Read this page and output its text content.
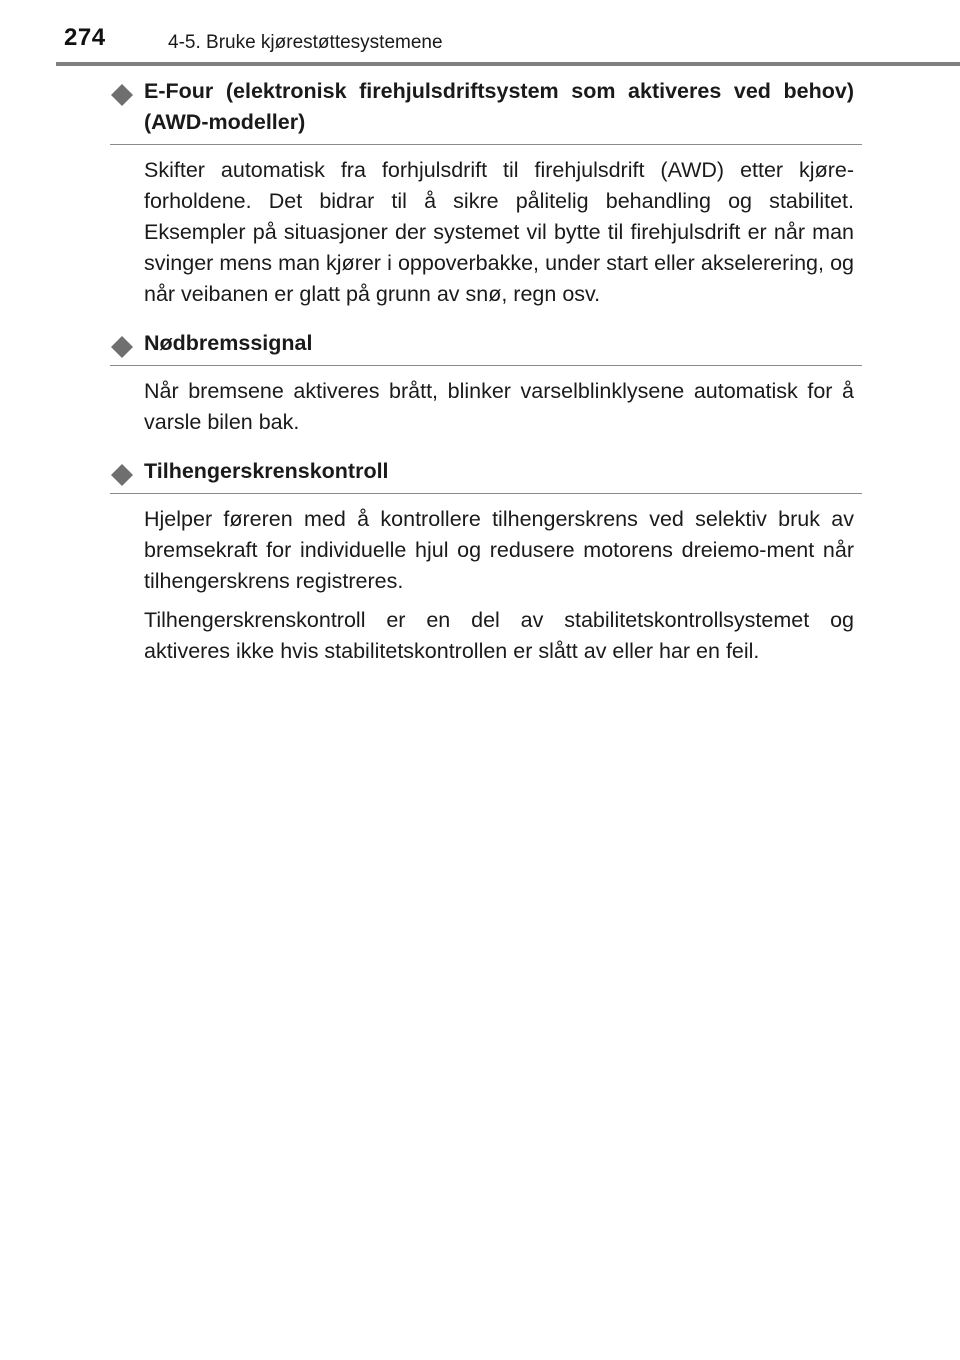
274	4-5. Bruke kjørestøttesystemene
E-Four (elektronisk firehjulsdriftsystem som aktiveres ved behov) (AWD-modeller)
Skifter automatisk fra forhjulsdrift til firehjulsdrift (AWD) etter kjøre-forholdene. Det bidrar til å sikre pålitelig behandling og stabilitet. Eksempler på situasjoner der systemet vil bytte til firehjulsdrift er når man svinger mens man kjører i oppoverbakke, under start eller akselerering, og når veibanen er glatt på grunn av snø, regn osv.
Nødbremssignal
Når bremsene aktiveres brått, blinker varselblinklysene automatisk for å varsle bilen bak.
Tilhengerskrenskontroll
Hjelper føreren med å kontrollere tilhengerskrens ved selektiv bruk av bremsekraft for individuelle hjul og redusere motorens dreiemo-ment når tilhengerskrens registreres.
Tilhengerskrenskontroll er en del av stabilitetskontrollsystemet og aktiveres ikke hvis stabilitetskontrollen er slått av eller har en feil.
